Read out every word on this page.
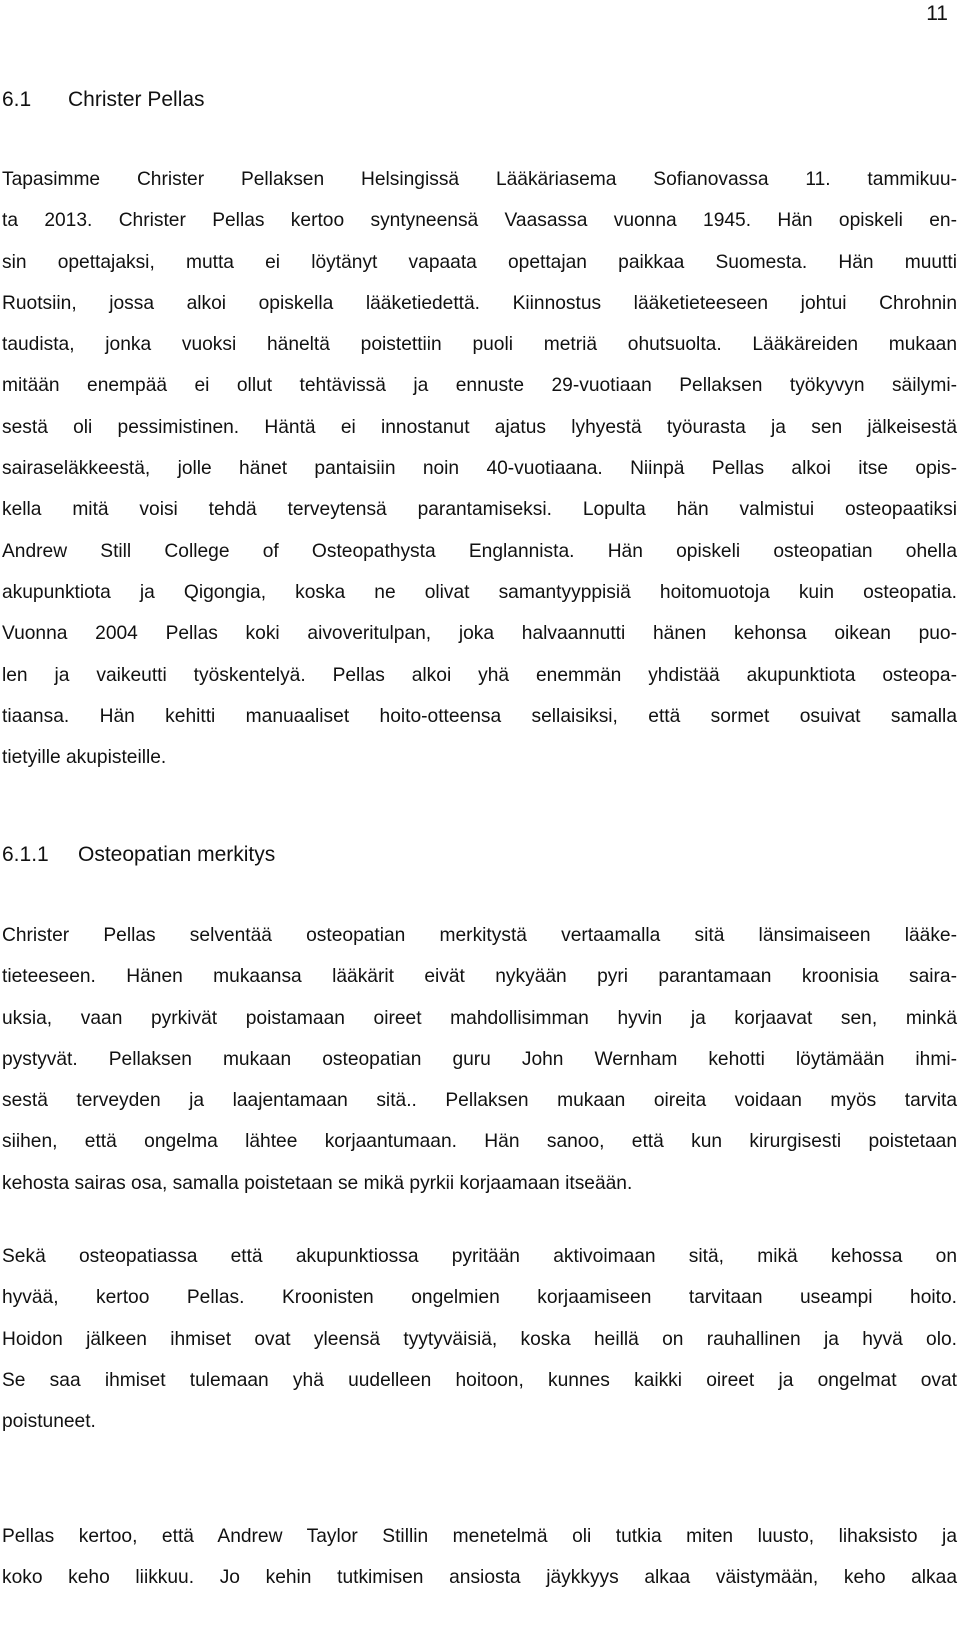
11
6.1 Christer Pellas
Tapasimme Christer Pellaksen Helsingissä Lääkäriasema Sofianovassa 11. tammikuu-
ta 2013. Christer Pellas kertoo syntyneensä Vaasassa vuonna 1945. Hän opiskeli en-
sin opettajaksi, mutta ei löytänyt vapaata opettajan paikkaa Suomesta. Hän muutti
Ruotsiin, jossa alkoi opiskella lääketiedettä. Kiinnostus lääketieteeseen johtui Chrohnin
taudista, jonka vuoksi häneltä poistettiin puoli metriä ohutsuolta. Lääkäreiden mukaan
mitään enempää ei ollut tehtävissä ja ennuste 29-vuotiaan Pellaksen työkyvyn säilymi-
sestä oli pessimistinen. Häntä ei innostanut ajatus lyhyestä työurasta ja sen jälkeisestä
sairaseläkkeestä, jolle hänet pantaisiin noin 40-vuotiaana. Niinpä Pellas alkoi itse opis-
kella mitä voisi tehdä terveytensä parantamiseksi. Lopulta hän valmistui osteopaatiksi
Andrew Still College of Osteopathysta Englannista. Hän opiskeli osteopatian ohella
akupunktiota ja Qigongia, koska ne olivat samantyyppisiä hoitomuotoja kuin osteopatia.
Vuonna 2004 Pellas koki aivoveritulpan, joka halvaannutti hänen kehonsa oikean puo-
len ja vaikeutti työskentelyä. Pellas alkoi yhä enemmän yhdistää akupunktiota osteopa-
tiaansa. Hän kehitti manuaaliset hoito-otteensa sellaisiksi, että sormet osuivat samalla
tietyille akupisteille.
6.1.1 Osteopatian merkitys
Christer Pellas selventää osteopatian merkitystä vertaamalla sitä länsimaiseen lääke-
tieteeseen. Hänen mukaansa lääkärit eivät nykyään pyri parantamaan kroonisia saira-
uksia, vaan pyrkivät poistamaan oireet mahdollisimman hyvin ja korjaavat sen, minkä
pystyvät. Pellaksen mukaan osteopatian guru John Wernham kehotti löytämään ihmi-
sestä terveyden ja laajentamaan sitä.. Pellaksen mukaan oireita voidaan myös tarvita
siihen, että ongelma lähtee korjaantumaan. Hän sanoo, että kun kirurgisesti poistetaan
kehosta sairas osa, samalla poistetaan se mikä pyrkii korjaamaan itseään.
Sekä osteopatiassa että akupunktiossa pyritään aktivoimaan sitä, mikä kehossa on
hyvää, kertoo Pellas. Kroonisten ongelmien korjaamiseen tarvitaan useampi hoito.
Hoidon jälkeen ihmiset ovat yleensä tyytyväisiä, koska heillä on rauhallinen ja hyvä olo.
Se saa ihmiset tulemaan yhä uudelleen hoitoon, kunnes kaikki oireet ja ongelmat ovat
poistuneet.
Pellas kertoo, että Andrew Taylor Stillin menetelmä oli tutkia miten luusto, lihaksisto ja
koko keho liikkuu. Jo kehin tutkimisen ansiosta jäykkyys alkaa väistymään, keho alkaa
